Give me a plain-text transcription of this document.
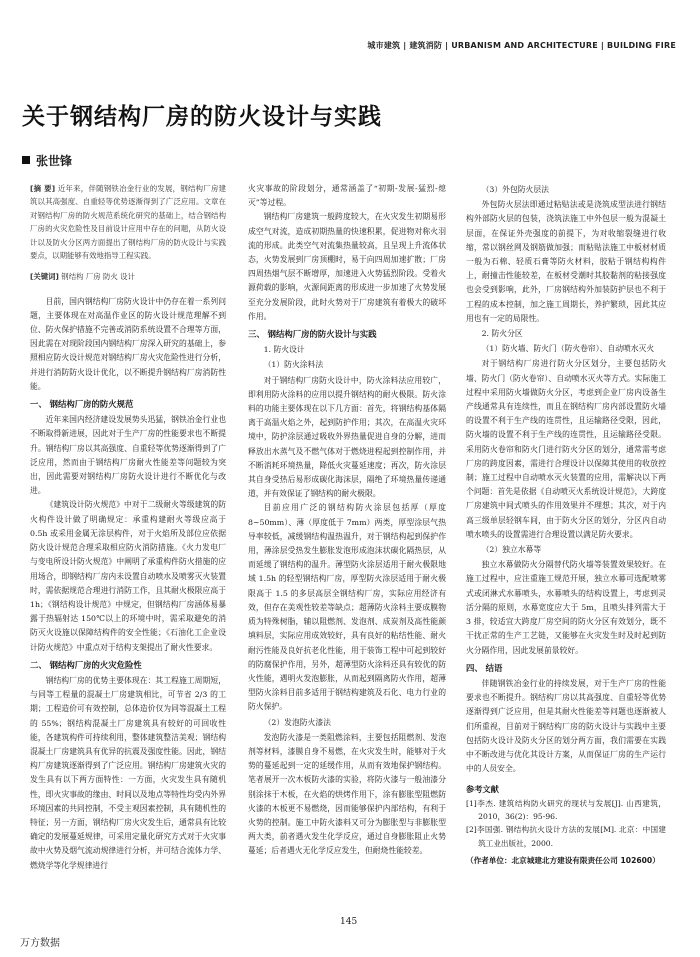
城市建筑 | 建筑消防 | URBANISM AND ARCHITECTURE | BUILDING FIRE
关于钢结构厂房的防火设计与实践
张世锋
[摘 要] 近年来，伴随钢铁冶金行业的发展，钢结构厂房建筑以其高强度、自重轻等优势逐渐得到了广泛应用。文章在对钢结构厂房的防火规范系统化研究的基础上，结合钢结构厂房的火灾危险性及目前设计应用中存在的问题，从防火设计以及防火分区两方面提出了钢结构厂房的防火设计与实践要点，以期能够有效地指导工程实践。
[关键词] 钢结构 厂房 防火 设计

目前，国内钢结构厂房防火设计中仍存在着一系列问题，主要体现在对高温作业区的防火设计规范理解不到位、防火保护措施不完善或消防系统设置不合理等方面，因此需在对现阶段国内钢结构厂房深入研究的基础上，参照相应防火设计规范对钢结构厂房火灾危险性进行分析，并进行消防防火设计优化，以不断提升钢结构厂房消防性能。

一、 钢结构厂房的防火规范

近年来国内经济建设发展势头迅猛，钢铁冶金行业也不断取得新进展，因此对于生产厂房的性能要求也不断提升。钢结构厂房以其高强度、自重轻等优势逐渐得到了广泛应用，然而由于钢结构厂房耐火性能差等问题较为突出，因此需要对钢结构厂房防火设计进行不断优化与改进。

《建筑设计防火规范》中对于二级耐火等级建筑的防火构件设计做了明确规定：承重构建耐火等级应高于 0.5h 或采用金属无涂层构件，对于火焰所及部位应依据防火设计规范合理采取相应防火消防措施。《火力发电厂与变电所设计防火规范》中阐明了承重构件防火措施的应用场合，即钢结构厂房内未设置自动喷水及喷雾灭火装置时，需依据规范合理进行消防工作，且其耐火极限应高于 1h；《钢结构设计规范》中规定，但钢结构厂房涵体易暴露于热辐射达 150℃以上的环境中时，需采取避免的消防灭火设施以保障结构件的安全性能；《石油化工企业设计防火规范》中重点对于结构支架提出了耐火性要求。

二、 钢结构厂房的火灾危险性

钢结构厂房的优势主要体现在：其工程施工周期短，与同等工程量的混凝土厂房建筑相比，可节省 2/3 的工期；工程造价可有效控制，总体造价仅为同等混凝土工程的 55%；钢结构混凝土厂房建筑具有较好的可回收性能，各建筑构件可持续利用，整体建筑整洁美观；钢结构混凝土厂房建筑具有优异的抗震及强度性能。因此，钢结构厂房建筑逐渐得到了广泛应用。钢结构厂房建筑火灾的发生具有以下两方面特性：一方面，火灾发生具有随机性，即火灾事故的缘由、时间以及地点等特性均受内外界环境因素的共同控制，不受主观因素控制，具有随机性的特征；另一方面，钢结构厂房火灾发生后，通常具有比较确定的发展蔓延规律，可采用定量化研究方式对于火灾事故中火势及烟气流动规律进行分析，并可结合流体力学、燃烧学等化学规律进行

火灾事故的阶段划分，通常涵盖了“初期-发展-猛烈-熄灭”等过程。

钢结构厂房建筑一般跨度较大，在火灾发生初期易形成空气对流，造成初期热量的快速积累，促进物对称火羽流的形成。此类空气对流集热量较高，且呈现上升流体状态，火势发展到厂房顶棚时，易于向四周加速扩散；厂房四周热烟气层不断增厚，加速进入火势猛烈阶段。受着火源荷载的影响，火源间距离的形成进一步加速了火势发展至充分发展阶段，此时火势对于厂房建筑有着极大的破坏作用。

三、 钢结构厂房的防火设计与实践
1. 防火设计
（1）防火涂料法

对于钢结构厂房防火设计中，防火涂料法应用较广，即利用防火涂料的应用以提升钢结构的耐火极限。防火涂料的功能主要体现在以下几方面：首先，将钢结构基体隔离于高温火焰之外，起到防护作用；其次，在高温火灾环境中，防护涂层通过吸收外界热量促进自身的分解，进而释放出水蒸气及不燃气体对于燃烧进程起到控制作用，并不断消耗环境热量，降低火灾蔓延速度；再次，防火涂层其自身受热后易形成碳化海沫层，隔绝了环境热量传递通道，并有效保证了钢结构的耐火极限。

目前应用广泛的钢结构防火涂层包括厚（厚度 8~50mm）、薄（厚度低于 7mm）两类，厚型涂层气热导率较低，减缓钢结构温热温升，对于钢结构起到保护作用，薄涂层受热发生膨胀发泡形成泡沫状碳化隔热层，从而延缓了钢结构的温升。薄型防火涂层适用于耐火极限地域 1.5h 的轻型钢结构厂房，厚型防火涂层适用于耐火极限高于 1.5 的多层高层全钢结构厂房，实际应用经济有效，但存在美观性较差等缺点；超薄防火涂料主要成膜物质为特殊树脂，辅以阻燃剂、发泡剂、成炭剂及高性能颜填料层，实际应用成效较好，具有良好的粘结性能、耐火耐污性能及良好抗老化性能，用于装饰工程中可起到较好的防腐保护作用，另外，超薄型防火涂料还具有较优的防火性能，遇明火发泡膨胀，从而起到隔离防火作用，超薄型防火涂料目前多适用于钢结构建筑及石化、电力行业的防火保护。

（2）发泡防火漆法

发泡防火漆是一类阻燃涂料，主要包括阻燃剂、发泡剂等材料，漆膜自身不易燃，在火灾发生时，能够对于火势的蔓延起到一定的延缓作用，从而有效地保护钢结构。笔者展开一次木板防火漆的实验，将防火漆与一般油漆分别涂抹于木板，在火焰的烘烤作用下，涂有膨胀型阻燃防火漆的木板更不易燃烧，因而能够保护内部结构，有利于火势的控制。施工中防火漆料又可分为膨胀型与非膨胀型两大类，前者遇火发生化学反应，通过自身膨胀阻止火势蔓延；后者遇火无化学反应发生，但耐烧性能较差。

（3）外包防火层法

外包防火层法即通过粘贴法或是浇筑成型法进行钢结构外部防火层的包装，浇筑法施工中外包层一般为混凝土层面，在保证外壳强度的前提下，为对收缩裂缝进行收缩，常以钢丝网及钢筋做加强；而粘贴法施工中板材材质一般为石棉、轻质石膏等防火材料，胶粘于钢结构构件上，耐撞击性能较差，在板材受潮时其胶黏剂的粘接强度也会受到影响，此外，厂房钢结构外加装防护层也不利于工程的成本控制，加之施工周期长，养护繁琐，因此其应用也有一定的局限性。

2. 防火分区
（1）防火墙、防火门（防火卷帘）、自动喷水灭火

对于钢结构厂房进行防火分区划分，主要包括防火墙、防火门（防火卷帘）、自动喷水灭火等方式。实际施工过程中采用防火墙做防火分区，考虑到企业厂房内设备生产线通常具有连续性，而且在钢结构厂房内部设置防火墙的设置不利于生产线的连贯性，且运输路径受限，因此，防火墙的设置不利于生产线的连贯性，且运输路径受限。采用防火卷帘和防火门进行防火分区的划分，通常需考虑厂房的跨度因素，需进行合理设计以保障其使用的收放控制；施工过程中自动喷水灭火装置的应用，需解决以下两个问题：首先是依据《自动喷灭火系统设计规范》，大跨度厂房建筑中间式喷头的作用效果并不理想；其次，对于内高三级单层轻钢车间，由于防火分区的划分，分区内自动喷水喷头的设置需进行合理设置以满足防火要求。

（2）独立水幕等

独立水幕做防火分隔替代防火墙等装置效果较好。在施工过程中，应注重施工规范开展，独立水幕可选配喷雾式或闭淋式水幕喷头，水幕喷头的结构设置上，考虑到灵活分隔的原则，水幕宽度应大于 5m，且喷头排列需大于 3 排，较适宜大跨度厂房空间的防火分区有效划分，既不干扰正常的生产工艺链，又能够在火灾发生时及时起到防火分隔作用，因此发展前景较好。

四、 结语

伴随钢铁冶金行业的持续发展，对于生产厂房的性能要求也不断提升。钢结构厂房以其高强度、自重轻等优势逐渐得到广泛应用，但是其耐火性能差等问题也逐渐被人们所重视，目前对于钢结构厂房的防火设计与实践中主要包括防火设计及防火分区的划分两方面，我们需要在实践中不断改进与优化其设计方案，从而保证厂房的生产运行中的人员安全。

参考文献
[1]李杰. 建筑结构防火研究的现状与发展[J]. 山西建筑，2010，36(2)：95-96.
[2]李国强. 钢结构抗火设计方法的发展[M]. 北京：中国建筑工业出版社，2000.
（作者单位：北京城建北方建设有限责任公司 102600）
145
万方数据
